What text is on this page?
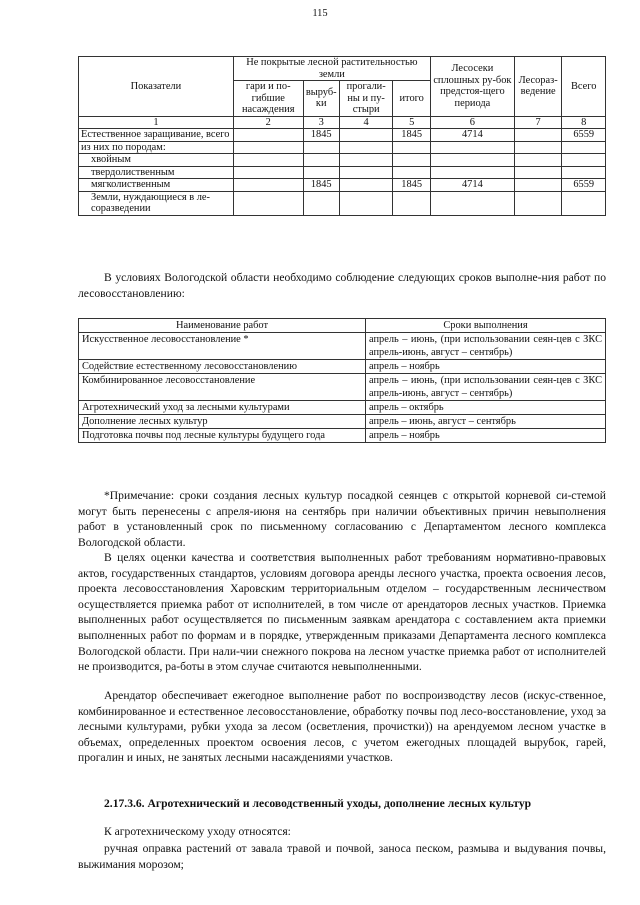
115
Показатели	Не покрытые лесной растительностью земли				Лесосеки сплошных ру-бок предстоя-щего периода	Лесораз-ведение	Всего
	гари и по-гибшие насаждения	выруб-ки	прогали-ны и пу-стыри	итого			
1	2	3	4	5	6	7	8
Естественное заращивание, всего		1845		1845	4714		6559
из них по породам:							
хвойным							
твердолиственным							
мягколиственным		1845		1845	4714		6559
Земли, нуждающиеся в ле-соразведении							

В условиях Вологодской области необходимо соблюдение следующих сроков выполне-ния работ по лесовосстановлению:

Наименование работ	Сроки выполнения
Искусственное лесовосстановление *	апрель – июнь, (при использовании сеян-цев с ЗКС апрель-июнь, август – сентябрь)
Содействие естественному лесовосстановлению	апрель – ноябрь
Комбинированное лесовосстановление	апрель – июнь, (при использовании сеян-цев с ЗКС апрель-июнь, август – сентябрь)
Агротехнический уход за лесными культурами	апрель – октябрь
Дополнение лесных культур	апрель – июнь, август – сентябрь
Подготовка почвы под лесные культуры будущего года	апрель – ноябрь

*Примечание: сроки создания лесных культур посадкой сеянцев с открытой корневой си-стемой могут быть перенесены с апреля-июня на сентябрь при наличии объективных причин невыполнения работ в установленный срок по письменному согласованию с Департаментом лесного комплекса Вологодской области.

В целях оценки качества и соответствия выполненных работ требованиям нормативно-правовых актов, государственных стандартов, условиям договора аренды лесного участка, проекта освоения лесов, проекта лесовосстановления Харовским территориальным отделом – государственным лесничеством осуществляется приемка работ от исполнителей, в том числе от арендаторов лесных участков. Приемка выполненных работ осуществляется по письменным заявкам арендатора с составлением акта приемки выполненных работ по формам и в порядке, утвержденным приказами Департамента лесного комплекса Вологодской области. При нали-чии снежного покрова на лесном участке приемка работ от исполнителей не производится, ра-боты в этом случае считаются невыполненными.

Арендатор обеспечивает ежегодное выполнение работ по воспроизводству лесов (искус-ственное, комбинированное и естественное лесовосстановление, обработку почвы под лесо-восстановление, уход за лесными культурами, рубки ухода за лесом (осветления, прочистки)) на арендуемом лесном участке в объемах, определенных проектом освоения лесов, с учетом ежегодных площадей вырубок, гарей, прогалин и иных, не занятых лесными насаждениями участков.

2.17.3.6. Агротехнический и лесоводственный уходы, дополнение лесных культур

К агротехническому уходу относятся:

ручная оправка растений от завала травой и почвой, заноса песком, размыва и выдувания почвы, выжимания морозом;
